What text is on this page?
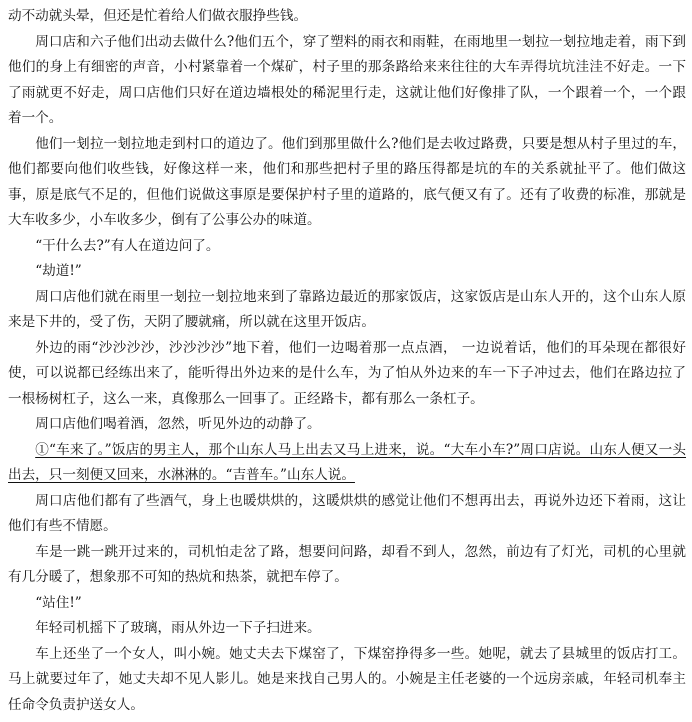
动不动就头晕，但还是忙着给人们做衣服挣些钱。

周口店和六子他们出动去做什么?他们五个，穿了塑料的雨衣和雨鞋，在雨地里一刬拉一刬拉地走着，雨下到他们的身上有细密的声音，小村紧靠着一个煤矿，村子里的那条路给来来往往的大车弄得坑坑洼洼不好走。一下了雨就更不好走，周口店他们只好在道边墙根处的稀泥里行走，这就让他们好像排了队，一个跟着一个，一个跟着一个。

他们一刬拉一刬拉地走到村口的道边了。他们到那里做什么?他们是去收过路费，只要是想从村子里过的车，他们都要向他们收些钱，好像这样一来，他们和那些把村子里的路压得都是坑的车的关系就扯平了。他们做这事，原是底气不足的，但他们说做这事原是要保护村子里的道路的，底气便又有了。还有了收费的标准，那就是大车收多少，小车收多少，倒有了公事公办的味道。

“干什么去?”有人在道边问了。

“劫道!”

周口店他们就在雨里一刬拉一刬拉地来到了靠路边最近的那家饭店，这家饭店是山东人开的，这个山东人原来是下井的，受了伤，天阴了腰就痛，所以就在这里开饭店。

外边的雨“沙沙沙沙，沙沙沙沙”地下着，他们一边喝着那一点点酒， 一边说着话，他们的耳朵现在都很好使，可以说都已经练出来了，能听得出外边来的是什么车，为了怕从外边来的车一下子冲过去，他们在路边拉了一根杨树杠子，这么一来，真像那么一回事了。正经路卡，都有那么一条杠子。

周口店他们喝着酒，忽然，听见外边的动静了。

①“车来了。”饭店的男主人，那个山东人马上出去又马上进来，说。“大车小车?”周口店说。山东人便又一头出去，只一刻便又回来，水淋淋的。“吉普车。”山东人说。

周口店他们都有了些酒气，身上也暖烘烘的，这暖烘烘的感觉让他们不想再出去，再说外边还下着雨，这让他们有些不情愿。

车是一跳一跳开过来的，司机怕走岔了路，想要问问路，却看不到人，忽然，前边有了灯光，司机的心里就有几分暖了，想象那不可知的热炕和热茶，就把车停了。

“站住!”

年轻司机摇下了玻璃，雨从外边一下子扫进来。

车上还坐了一个女人，叫小婉。她丈夫去下煤窑了，下煤窑挣得多一些。她呢，就去了县城里的饭店打工。马上就要过年了，她丈夫却不见人影儿。她是来找自己男人的。小婉是主任老婆的一个远房亲戚，年轻司机奉主任命令负责护送女人。
